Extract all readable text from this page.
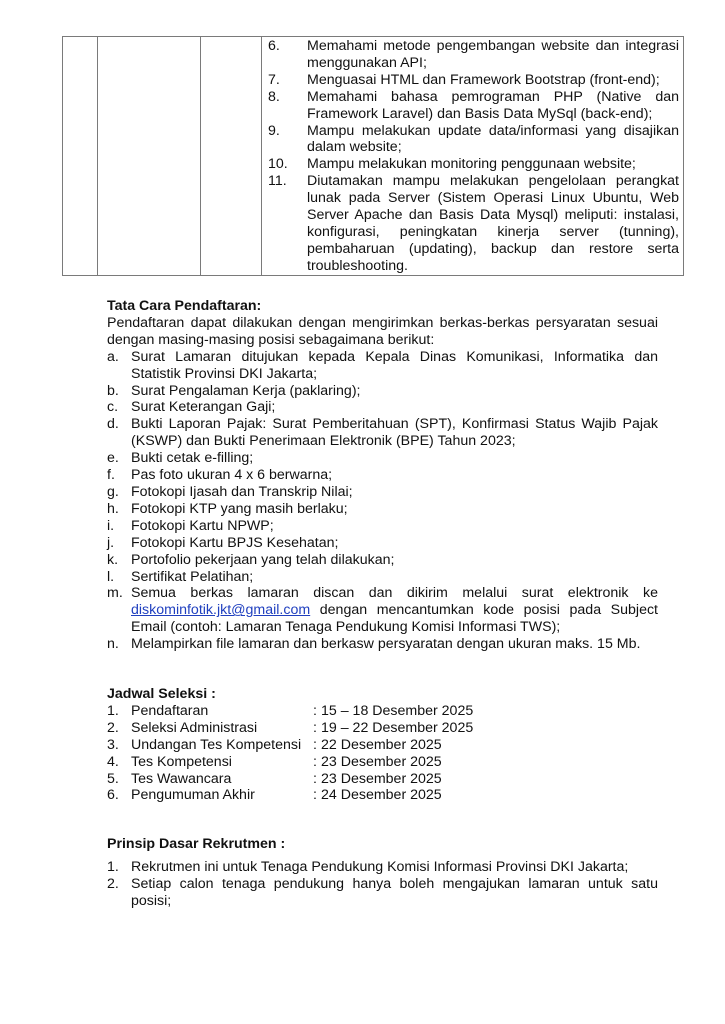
6.	Memahami metode pengembangan website dan integrasi menggunakan API;
7.	Menguasai HTML dan Framework Bootstrap (front-end);
8.	Memahami bahasa pemrograman PHP (Native dan Framework Laravel) dan Basis Data MySql (back-end);
9.	Mampu melakukan update data/informasi yang disajikan dalam website;
10.	Mampu melakukan monitoring penggunaan website;
11.	Diutamakan mampu melakukan pengelolaan perangkat lunak pada Server (Sistem Operasi Linux Ubuntu, Web Server Apache dan Basis Data Mysql) meliputi: instalasi, konfigurasi, peningkatan kinerja server (tunning), pembaharuan (updating), backup dan restore serta troubleshooting.
Tata Cara Pendaftaran:
Pendaftaran dapat dilakukan dengan mengirimkan berkas-berkas persyaratan sesuai dengan masing-masing posisi sebagaimana berikut:
a. Surat Lamaran ditujukan kepada Kepala Dinas Komunikasi, Informatika dan Statistik Provinsi DKI Jakarta;
b. Surat Pengalaman Kerja (paklaring);
c. Surat Keterangan Gaji;
d. Bukti Laporan Pajak: Surat Pemberitahuan (SPT), Konfirmasi Status Wajib Pajak (KSWP) dan Bukti Penerimaan Elektronik (BPE) Tahun 2023;
e. Bukti cetak e-filling;
f.	Pas foto ukuran 4 x 6 berwarna;
g. Fotokopi Ijasah dan Transkrip Nilai;
h. Fotokopi KTP yang masih berlaku;
i.	Fotokopi Kartu NPWP;
j.	Fotokopi Kartu BPJS Kesehatan;
k. Portofolio pekerjaan yang telah dilakukan;
l.	Sertifikat Pelatihan;
m. Semua berkas lamaran discan dan dikirim melalui surat elektronik ke diskominfotik.jkt@gmail.com dengan mencantumkan kode posisi pada Subject Email (contoh: Lamaran Tenaga Pendukung Komisi Informasi TWS);
n. Melampirkan file lamaran dan berkasw persyaratan dengan ukuran maks. 15 Mb.
Jadwal Seleksi :
1. Pendaftaran	: 15 – 18 Desember 2025
2. Seleksi Administrasi	: 19 – 22 Desember 2025
3. Undangan Tes Kompetensi : 22 Desember 2025
4. Tes Kompetensi	: 23 Desember 2025
5. Tes Wawancara	: 23 Desember 2025
6. Pengumuman Akhir	: 24 Desember 2025
Prinsip Dasar Rekrutmen :
1. Rekrutmen ini untuk Tenaga Pendukung Komisi Informasi Provinsi DKI Jakarta;
2. Setiap calon tenaga pendukung hanya boleh mengajukan lamaran untuk satu posisi;
